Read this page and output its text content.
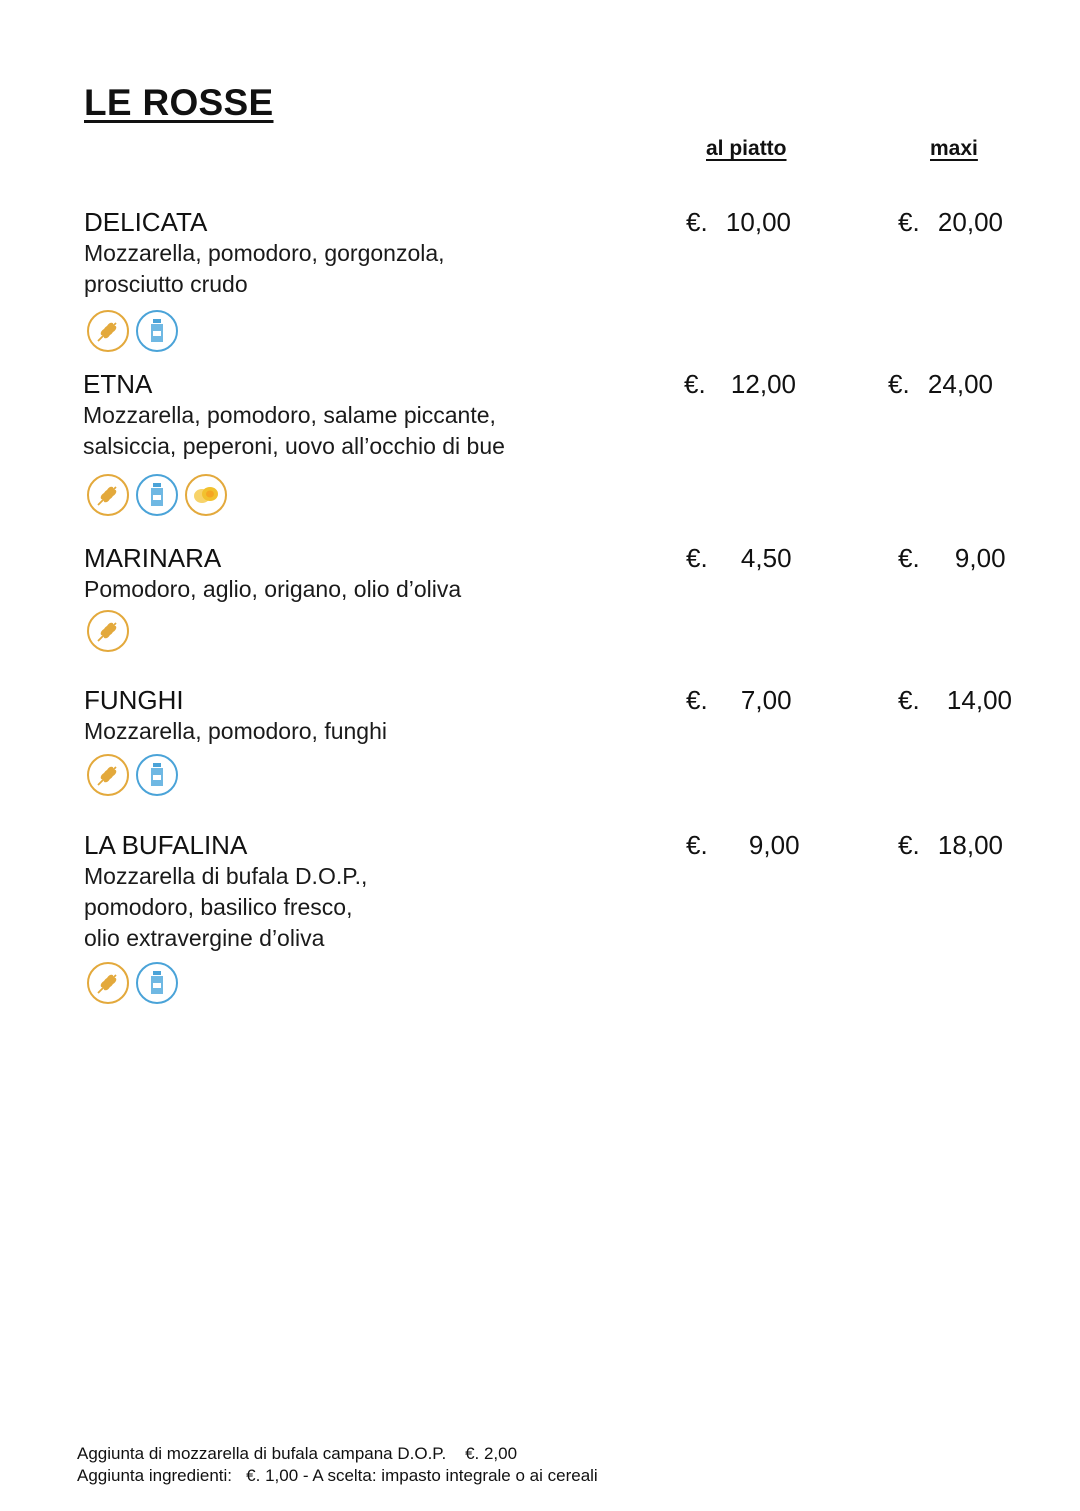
LE ROSSE
al piatto	maxi
DELICATA
Mozzarella, pomodoro, gorgonzola,
prosciutto crudo
€. 10,00	€. 20,00
ETNA
Mozzarella, pomodoro, salame piccante,
salsiccia, peperoni, uovo all’occhio di bue
€. 12,00	€. 24,00
MARINARA
Pomodoro, aglio, origano, olio d’oliva
€. 4,50	€. 9,00
FUNGHI
Mozzarella, pomodoro, funghi
€. 7,00	€. 14,00
LA BUFALINA
Mozzarella di bufala D.O.P.,
pomodoro, basilico fresco,
olio extravergine d’oliva
€. 9,00	€. 18,00
Aggiunta di mozzarella di bufala campana D.O.P.    €. 2,00
Aggiunta ingredienti:   €. 1,00 - A scelta: impasto integrale o ai cereali
